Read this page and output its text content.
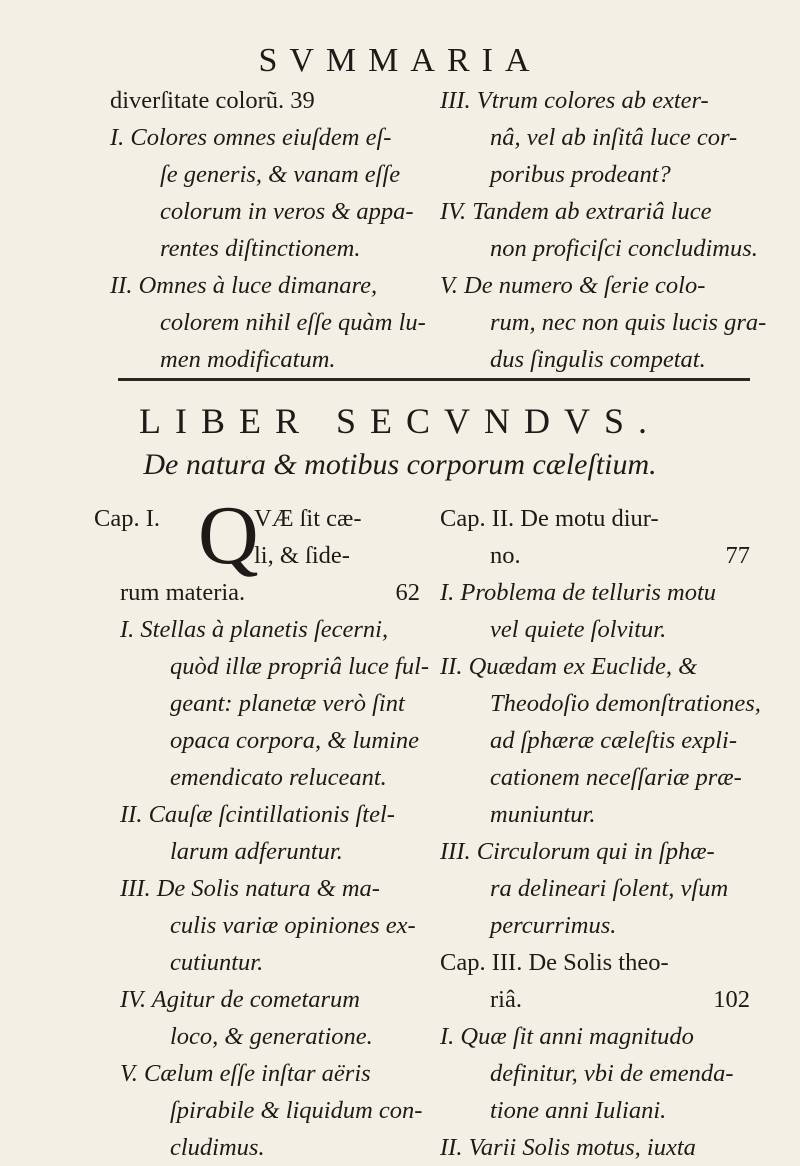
SVMMARIA
diverſitate colorũ. 39
I. Colores omnes eiuſdem eſ-
ſe generis, & vanam eſſe
colorum in veros & appa-
rentes diſtinctionem.
II. Omnes à luce dimanare,
colorem nihil eſſe quàm lu-
men modificatum.
III. Vtrum colores ab exter-
nâ, vel ab inſitâ luce cor-
poribus prodeant?
IV. Tandem ab extrariâ luce
non proficiſci concludimus.
V. De numero & ſerie colo-
rum, nec non quis lucis gra-
dus ſingulis competat.
LIBER SECVNDVS.
De natura & motibus corporum cæleſtium.
Cap. I. Q
VÆ ſit cæ-
li, & ſide-
rum materia.	62
I. Stellas à planetis ſecerni,
quòd illæ propriâ luce ful-
geant: planetæ verò ſint
opaca corpora, & lumine
emendicato reluceant.
II. Cauſæ ſcintillationis ſtel-
larum adferuntur.
III. De Solis natura & ma-
culis variæ opiniones ex-
cutiuntur.
IV. Agitur de cometarum
loco, & generatione.
V. Cælum eſſe inſtar aëris
ſpirabile & liquidum con-
cludimus.
Cap. II. De motu diur-
no.	77
I. Problema de telluris motu
vel quiete ſolvitur.
II. Quædam ex Euclide, &
Theodoſio demonſtrationes,
ad ſphæræ cæleſtis expli-
cationem neceſſariæ præ-
muniuntur.
III. Circulorum qui in ſphæ-
ra delineari ſolent, vſum
percurrimus.
Cap. III. De Solis theo-
riâ.	102
I. Quæ ſit anni magnitudo
definitur, vbi de emenda-
tione anni Iuliani.
II. Varii Solis motus, iuxta
